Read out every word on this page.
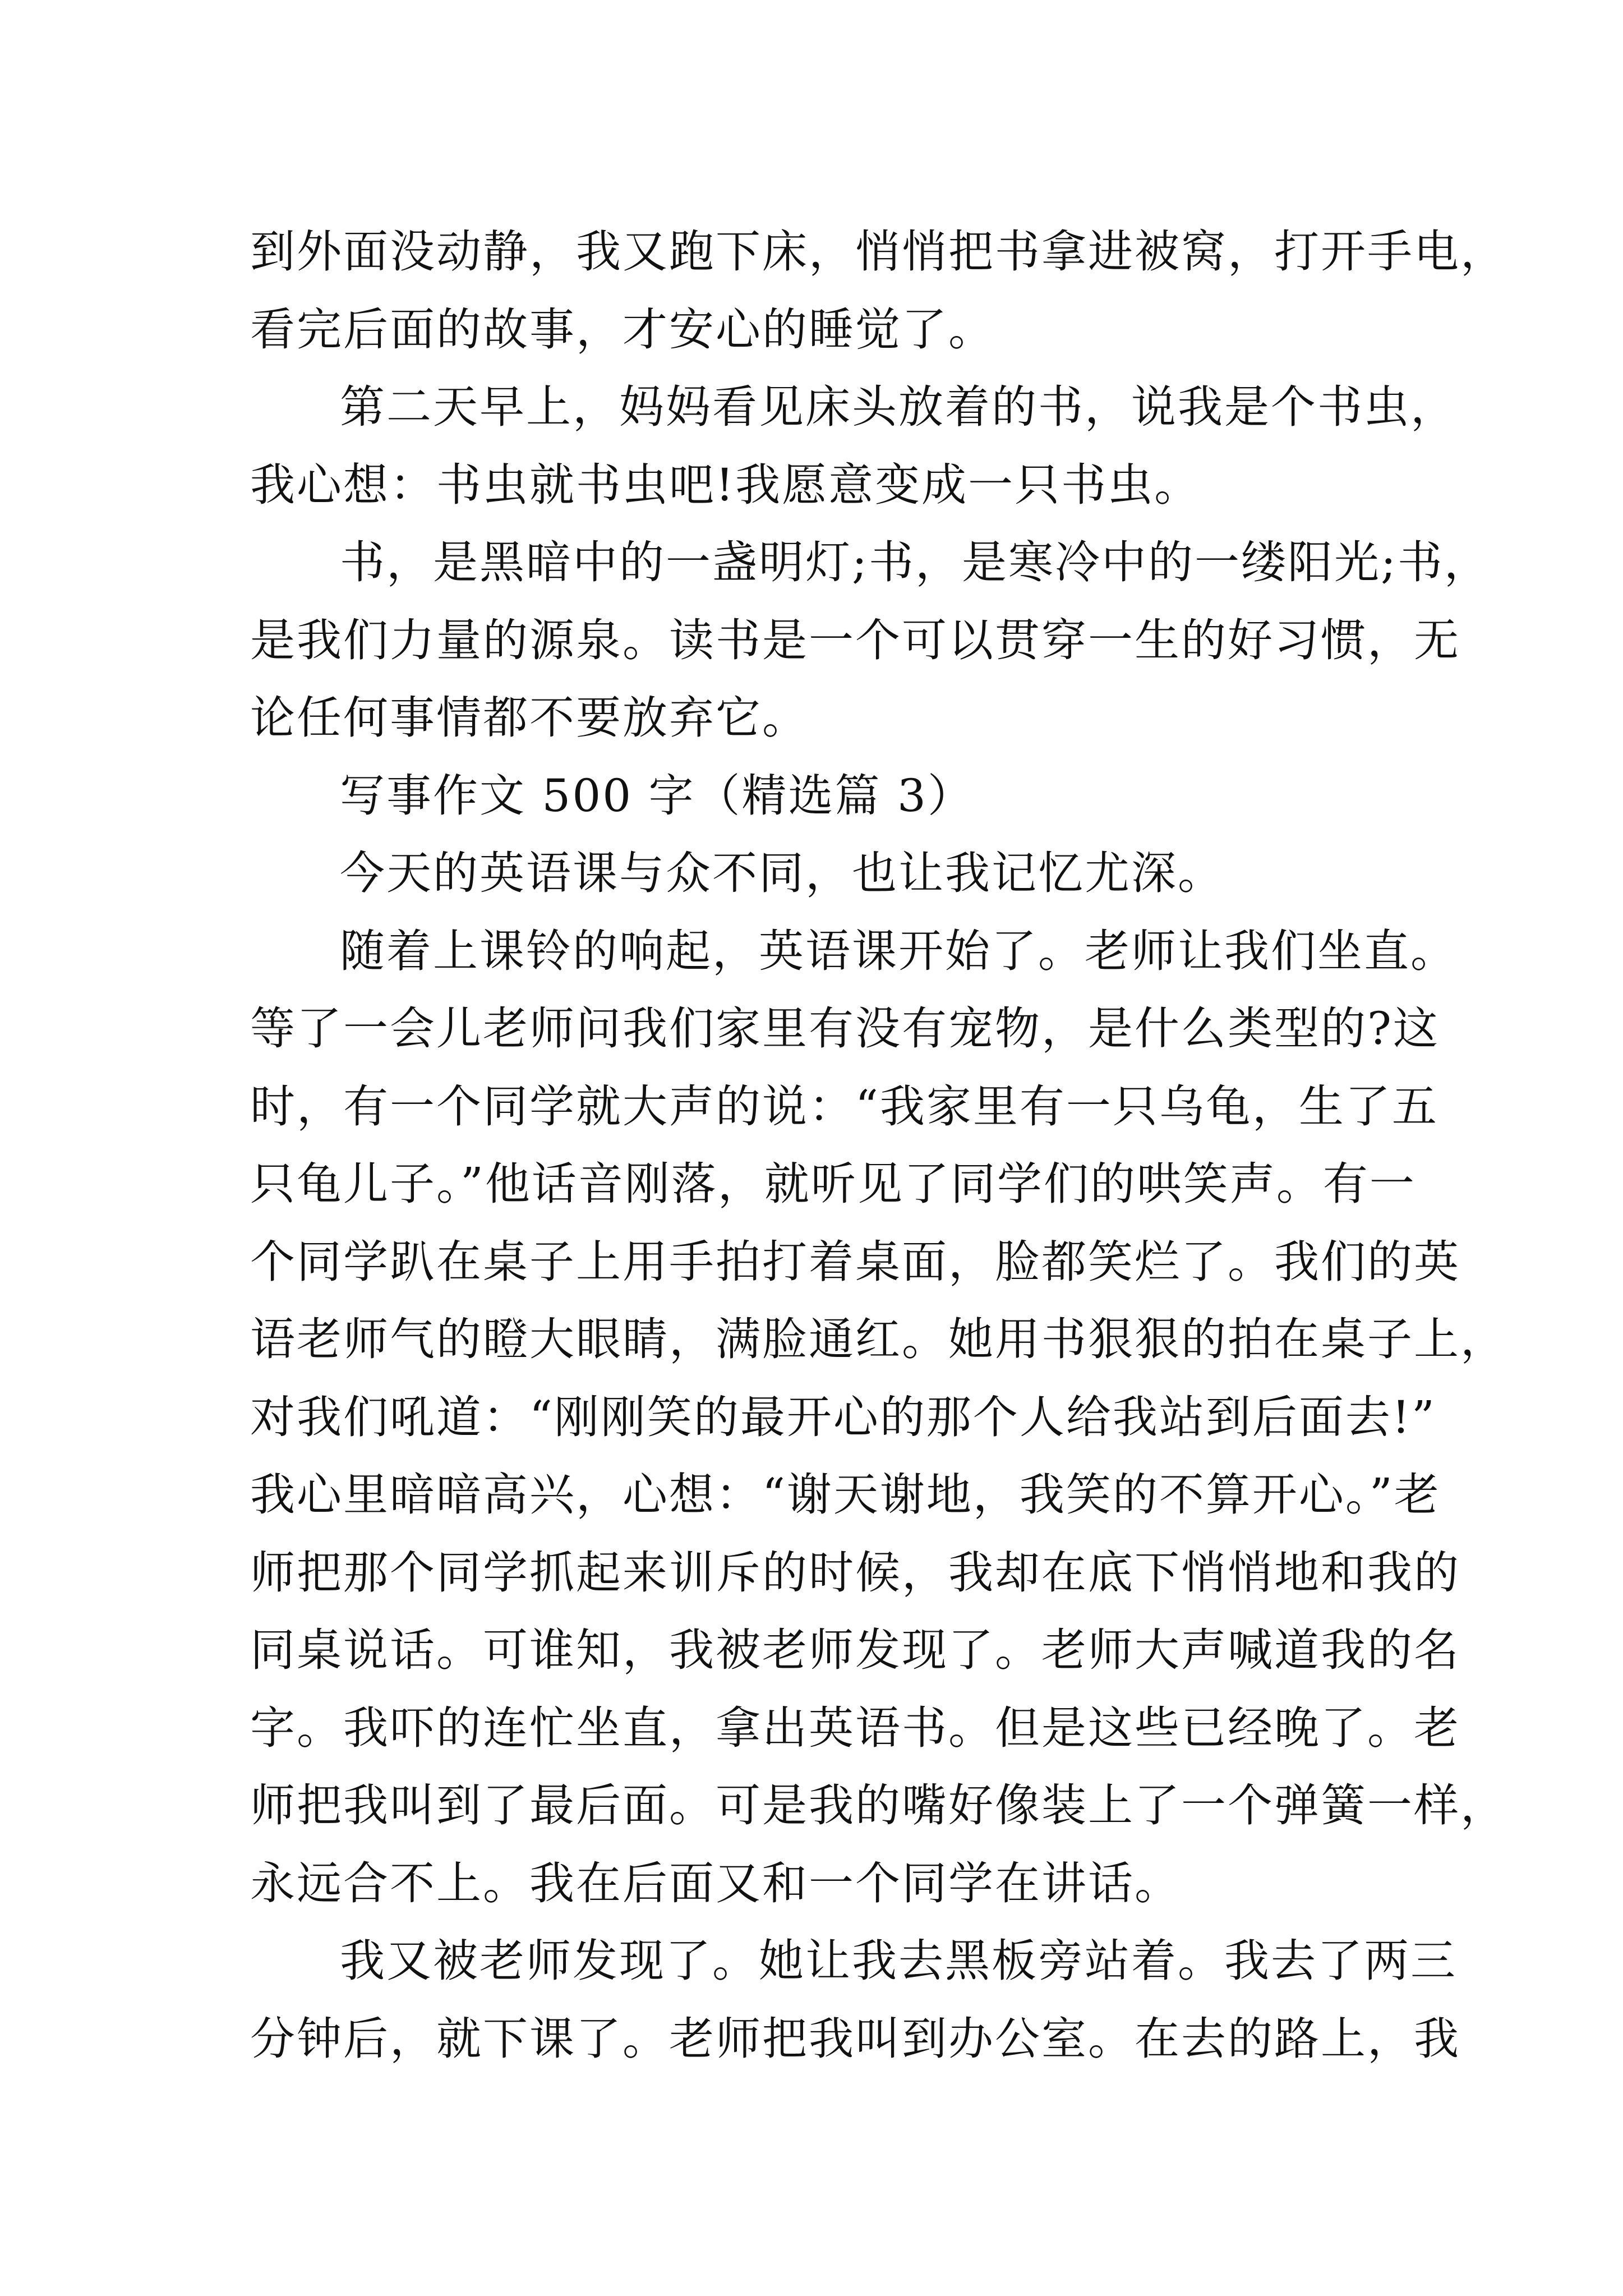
到外面没动静，我又跑下床，悄悄把书拿进被窝，打开手电，
看完后面的故事，才安心的睡觉了。
第二天早上，妈妈看见床头放着的书，说我是个书虫，
我心想：书虫就书虫吧!我愿意变成一只书虫。
书，是黑暗中的一盏明灯;书，是寒冷中的一缕阳光;书，
是我们力量的源泉。读书是一个可以贯穿一生的好习惯，无
论任何事情都不要放弃它。
写事作文 500 字（精选篇 3）
今天的英语课与众不同，也让我记忆尤深。
随着上课铃的响起，英语课开始了。老师让我们坐直。
等了一会儿老师问我们家里有没有宠物，是什么类型的?这
时，有一个同学就大声的说：“我家里有一只乌龟，生了五
只龟儿子。”他话音刚落，就听见了同学们的哄笑声。有一
个同学趴在桌子上用手拍打着桌面，脸都笑烂了。我们的英
语老师气的瞪大眼睛，满脸通红。她用书狠狠的拍在桌子上，
对我们吼道：“刚刚笑的最开心的那个人给我站到后面去!”
我心里暗暗高兴，心想：“谢天谢地，我笑的不算开心。”老
师把那个同学抓起来训斥的时候，我却在底下悄悄地和我的
同桌说话。可谁知，我被老师发现了。老师大声喊道我的名
字。我吓的连忙坐直，拿出英语书。但是这些已经晚了。老
师把我叫到了最后面。可是我的嘴好像装上了一个弹簧一样，
永远合不上。我在后面又和一个同学在讲话。
我又被老师发现了。她让我去黑板旁站着。我去了两三
分钟后，就下课了。老师把我叫到办公室。在去的路上，我
